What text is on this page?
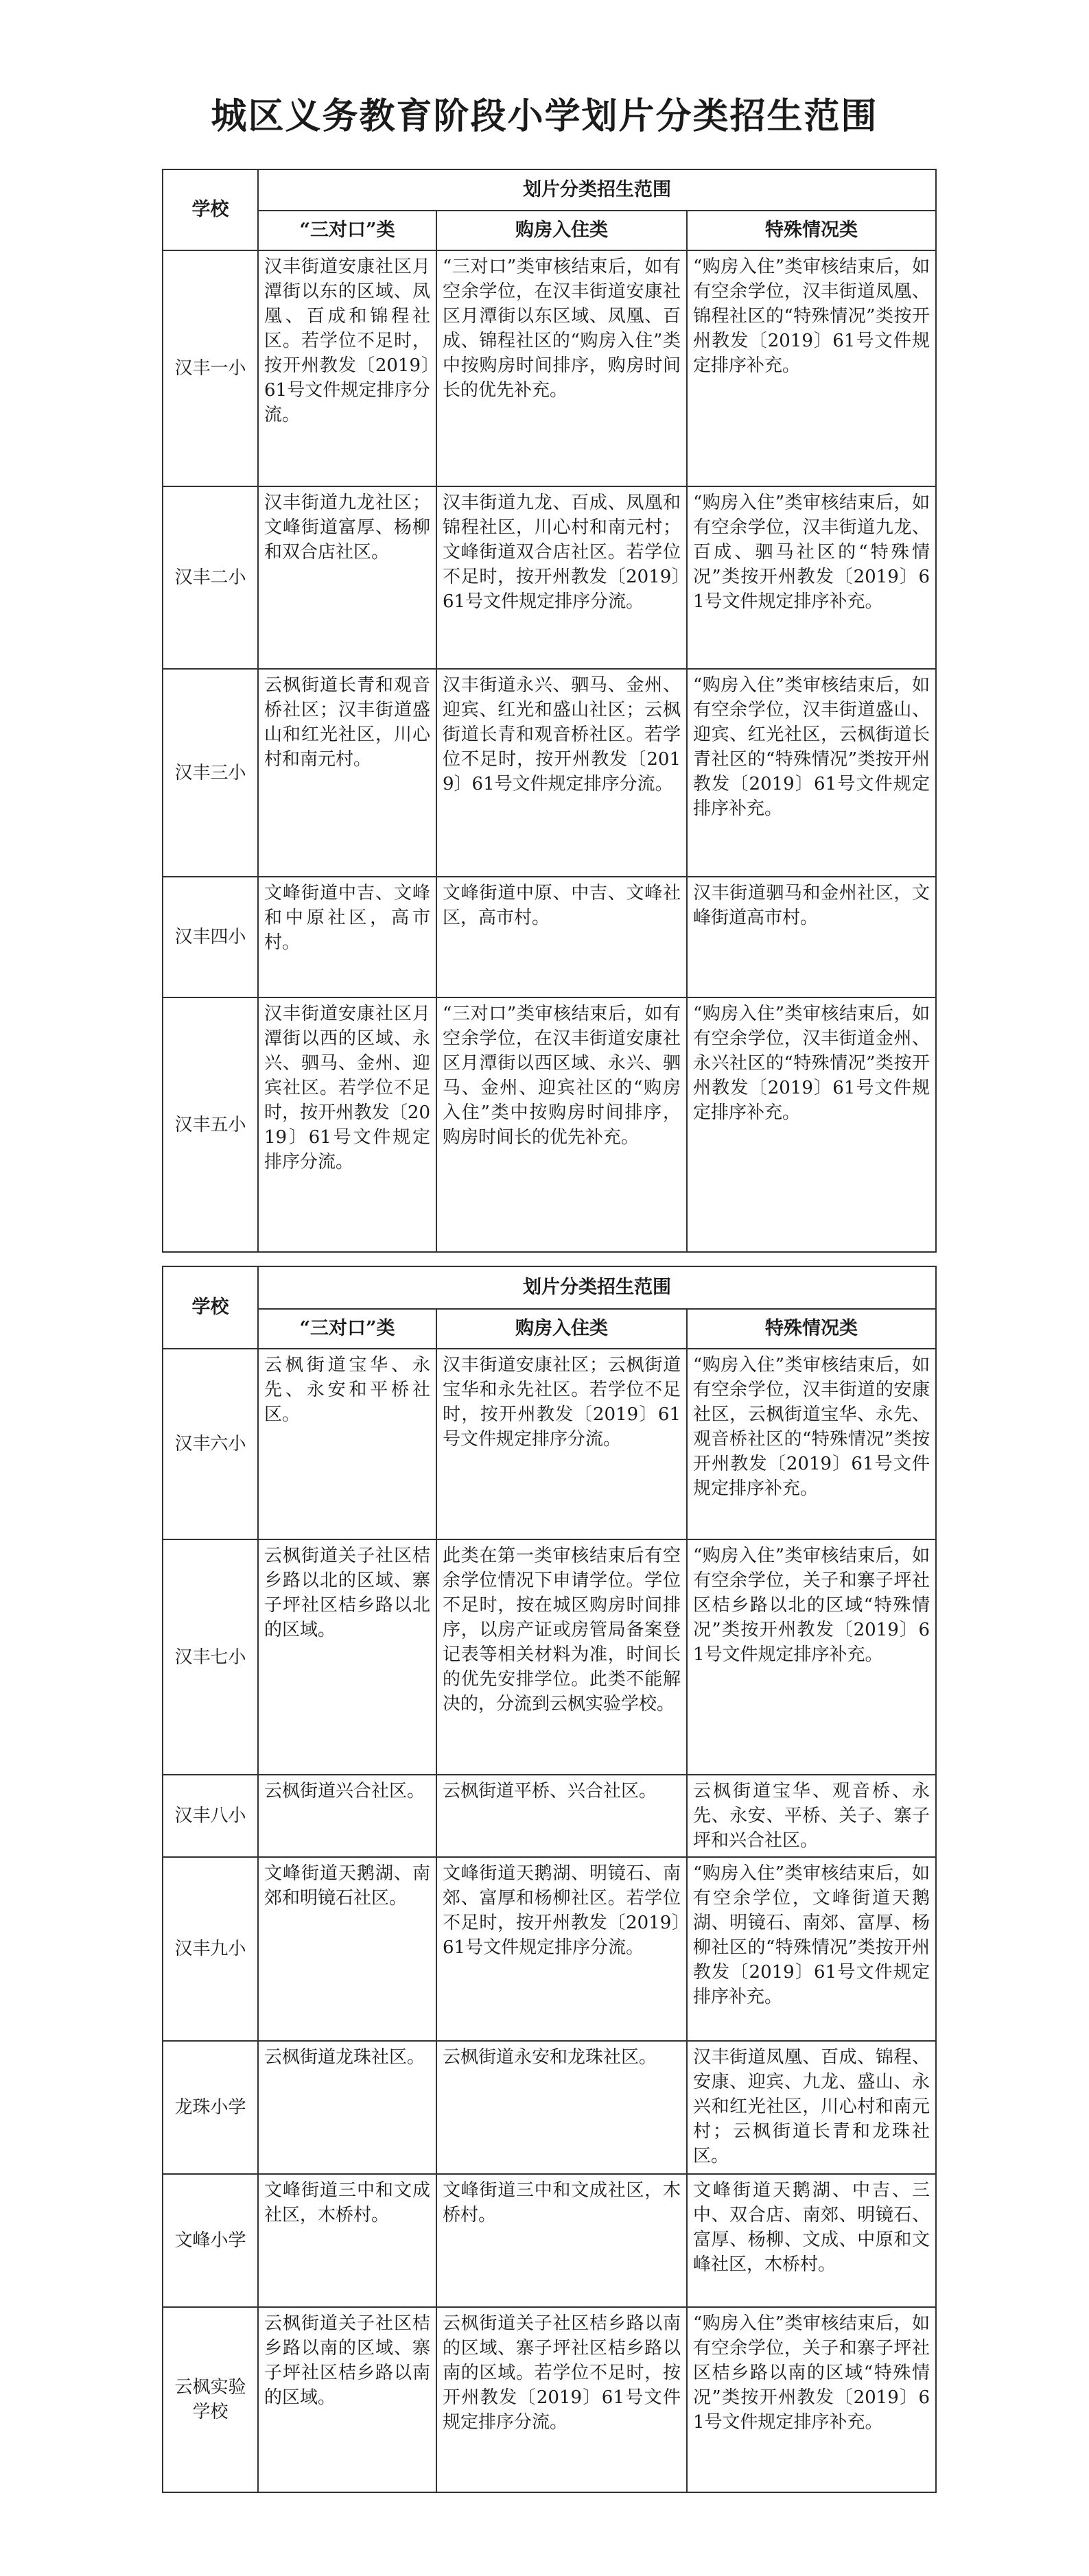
城区义务教育阶段小学划片分类招生范围
学校	划片分类招生范围		
	“三对口”类	购房入住类	特殊情况类
汉丰一小	汉丰街道安康社区月潭街以东的区域、凤凰、百成和锦程社区。若学位不足时，按开州教发〔2019〕61号文件规定排序分流。	“三对口”类审核结束后，如有空余学位，在汉丰街道安康社区月潭街以东区域、凤凰、百成、锦程社区的“购房入住”类中按购房时间排序，购房时间长的优先补充。	“购房入住”类审核结束后，如有空余学位，汉丰街道凤凰、锦程社区的“特殊情况”类按开州教发〔2019〕61号文件规定排序补充。
汉丰二小	汉丰街道九龙社区；文峰街道富厚、杨柳和双合店社区。	汉丰街道九龙、百成、凤凰和锦程社区，川心村和南元村；文峰街道双合店社区。若学位不足时，按开州教发〔2019〕61号文件规定排序分流。	“购房入住”类审核结束后，如有空余学位，汉丰街道九龙、百成、驷马社区的“特殊情况”类按开州教发〔2019〕61号文件规定排序补充。
汉丰三小	云枫街道长青和观音桥社区；汉丰街道盛山和红光社区，川心村和南元村。	汉丰街道永兴、驷马、金州、迎宾、红光和盛山社区；云枫街道长青和观音桥社区。若学位不足时，按开州教发〔2019〕61号文件规定排序分流。	“购房入住”类审核结束后，如有空余学位，汉丰街道盛山、迎宾、红光社区，云枫街道长青社区的“特殊情况”类按开州教发〔2019〕61号文件规定排序补充。
汉丰四小	文峰街道中吉、文峰和中原社区，高市村。	文峰街道中原、中吉、文峰社区，高市村。	汉丰街道驷马和金州社区，文峰街道高市村。
汉丰五小	汉丰街道安康社区月潭街以西的区域、永兴、驷马、金州、迎宾社区。若学位不足时，按开州教发〔2019〕61号文件规定排序分流。	“三对口”类审核结束后，如有空余学位，在汉丰街道安康社区月潭街以西区域、永兴、驷马、金州、迎宾社区的“购房入住”类中按购房时间排序，购房时间长的优先补充。	“购房入住”类审核结束后，如有空余学位，汉丰街道金州、永兴社区的“特殊情况”类按开州教发〔2019〕61号文件规定排序补充。
学校	划片分类招生范围		
	“三对口”类	购房入住类	特殊情况类
汉丰六小	云枫街道宝华、永先、永安和平桥社区。	汉丰街道安康社区；云枫街道宝华和永先社区。若学位不足时，按开州教发〔2019〕61号文件规定排序分流。	“购房入住”类审核结束后，如有空余学位，汉丰街道的安康社区，云枫街道宝华、永先、观音桥社区的“特殊情况”类按开州教发〔2019〕61号文件规定排序补充。
汉丰七小	云枫街道关子社区桔乡路以北的区域、寨子坪社区桔乡路以北的区域。	此类在第一类审核结束后有空余学位情况下申请学位。学位不足时，按在城区购房时间排序，以房产证或房管局备案登记表等相关材料为准，时间长的优先安排学位。此类不能解决的，分流到云枫实验学校。	“购房入住”类审核结束后，如有空余学位，关子和寨子坪社区桔乡路以北的区域“特殊情况”类按开州教发〔2019〕61号文件规定排序补充。
汉丰八小	云枫街道兴合社区。	云枫街道平桥、兴合社区。	云枫街道宝华、观音桥、永先、永安、平桥、关子、寨子坪和兴合社区。
汉丰九小	文峰街道天鹅湖、南郊和明镜石社区。	文峰街道天鹅湖、明镜石、南郊、富厚和杨柳社区。若学位不足时，按开州教发〔2019〕61号文件规定排序分流。	“购房入住”类审核结束后，如有空余学位，文峰街道天鹅湖、明镜石、南郊、富厚、杨柳社区的“特殊情况”类按开州教发〔2019〕61号文件规定排序补充。
龙珠小学	云枫街道龙珠社区。	云枫街道永安和龙珠社区。	汉丰街道凤凰、百成、锦程、安康、迎宾、九龙、盛山、永兴和红光社区，川心村和南元村；云枫街道长青和龙珠社区。
文峰小学	文峰街道三中和文成社区，木桥村。	文峰街道三中和文成社区，木桥村。	文峰街道天鹅湖、中吉、三中、双合店、南郊、明镜石、富厚、杨柳、文成、中原和文峰社区，木桥村。
云枫实验学校	云枫街道关子社区桔乡路以南的区域、寨子坪社区桔乡路以南的区域。	云枫街道关子社区桔乡路以南的区域、寨子坪社区桔乡路以南的区域。若学位不足时，按开州教发〔2019〕61号文件规定排序分流。	“购房入住”类审核结束后，如有空余学位，关子和寨子坪社区桔乡路以南的区域“特殊情况”类按开州教发〔2019〕61号文件规定排序补充。
